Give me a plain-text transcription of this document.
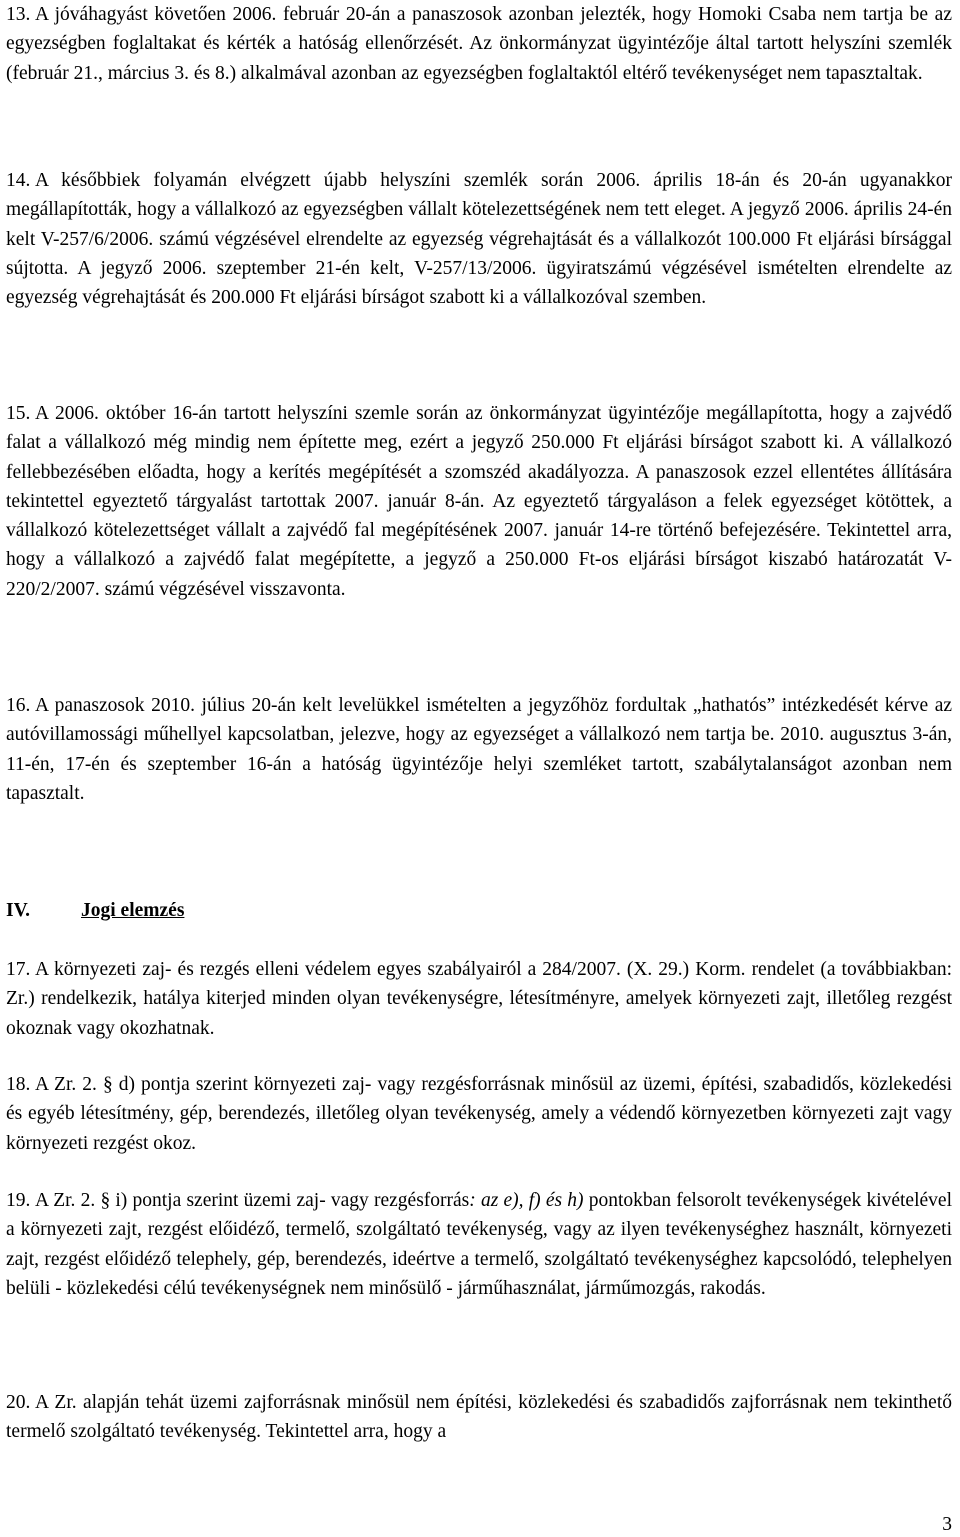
13. A jóváhagyást követően 2006. február 20-án a panaszosok azonban jelezték, hogy Homoki Csaba nem tartja be az egyezségben foglaltakat és kérték a hatóság ellenőrzését. Az önkormányzat ügyintézője által tartott helyszíni szemlék (február 21., március 3. és 8.) alkalmával azonban az egyezségben foglaltaktól eltérő tevékenységet nem tapasztaltak.

14. A későbbiek folyamán elvégzett újabb helyszíni szemlék során 2006. április 18-án és 20-án ugyanakkor megállapították, hogy a vállalkozó az egyezségben vállalt kötelezettségének nem tett eleget. A jegyző 2006. április 24-én kelt V-257/6/2006. számú végzésével elrendelte az egyezség végrehajtását és a vállalkozót 100.000 Ft eljárási bírsággal sújtotta. A jegyző 2006. szeptember 21-én kelt, V-257/13/2006. ügyiratszámú végzésével ismételten elrendelte az egyezség végrehajtását és 200.000 Ft eljárási bírságot szabott ki a vállalkozóval szemben.

15. A 2006. október 16-án tartott helyszíni szemle során az önkormányzat ügyintézője megállapította, hogy a zajvédő falat a vállalkozó még mindig nem építette meg, ezért a jegyző 250.000 Ft eljárási bírságot szabott ki. A vállalkozó fellebbezésében előadta, hogy a kerítés megépítését a szomszéd akadályozza. A panaszosok ezzel ellentétes állítására tekintettel egyeztető tárgyalást tartottak 2007. január 8-án. Az egyeztető tárgyaláson a felek egyezséget kötöttek, a vállalkozó kötelezettséget vállalt a zajvédő fal megépítésének 2007. január 14-re történő befejezésére. Tekintettel arra, hogy a vállalkozó a zajvédő falat megépítette, a jegyző a 250.000 Ft-os eljárási bírságot kiszabó határozatát V-220/2/2007. számú végzésével visszavonta.

16. A panaszosok 2010. július 20-án kelt levelükkel ismételten a jegyzőhöz fordultak „hathatós” intézkedését kérve az autóvillamossági műhellyel kapcsolatban, jelezve, hogy az egyezséget a vállalkozó nem tartja be. 2010. augusztus 3-án, 11-én, 17-én és szeptember 16-án a hatóság ügyintézője helyi szemléket tartott, szabálytalanságot azonban nem tapasztalt.

IV.	Jogi elemzés

17. A környezeti zaj- és rezgés elleni védelem egyes szabályairól a 284/2007. (X. 29.) Korm. rendelet (a továbbiakban: Zr.) rendelkezik, hatálya kiterjed minden olyan tevékenységre, létesítményre, amelyek környezeti zajt, illetőleg rezgést okoznak vagy okozhatnak.

18. A Zr. 2. § d) pontja szerint környezeti zaj- vagy rezgésforrásnak minősül az üzemi, építési, szabadidős, közlekedési és egyéb létesítmény, gép, berendezés, illetőleg olyan tevékenység, amely a védendő környezetben környezeti zajt vagy környezeti rezgést okoz.

19. A Zr. 2. § i) pontja szerint üzemi zaj- vagy rezgésforrás: az e), f) és h) pontokban felsorolt tevékenységek kivételével a környezeti zajt, rezgést előidéző, termelő, szolgáltató tevékenység, vagy az ilyen tevékenységhez használt, környezeti zajt, rezgést előidéző telephely, gép, berendezés, ideértve a termelő, szolgáltató tevékenységhez kapcsolódó, telephelyen belüli - közlekedési célú tevékenységnek nem minősülő - járműhasználat, járműmozgás, rakodás.

20. A Zr. alapján tehát üzemi zajforrásnak minősül nem építési, közlekedési és szabadidős zajforrásnak nem tekinthető termelő szolgáltató tevékenység. Tekintettel arra, hogy a

3
